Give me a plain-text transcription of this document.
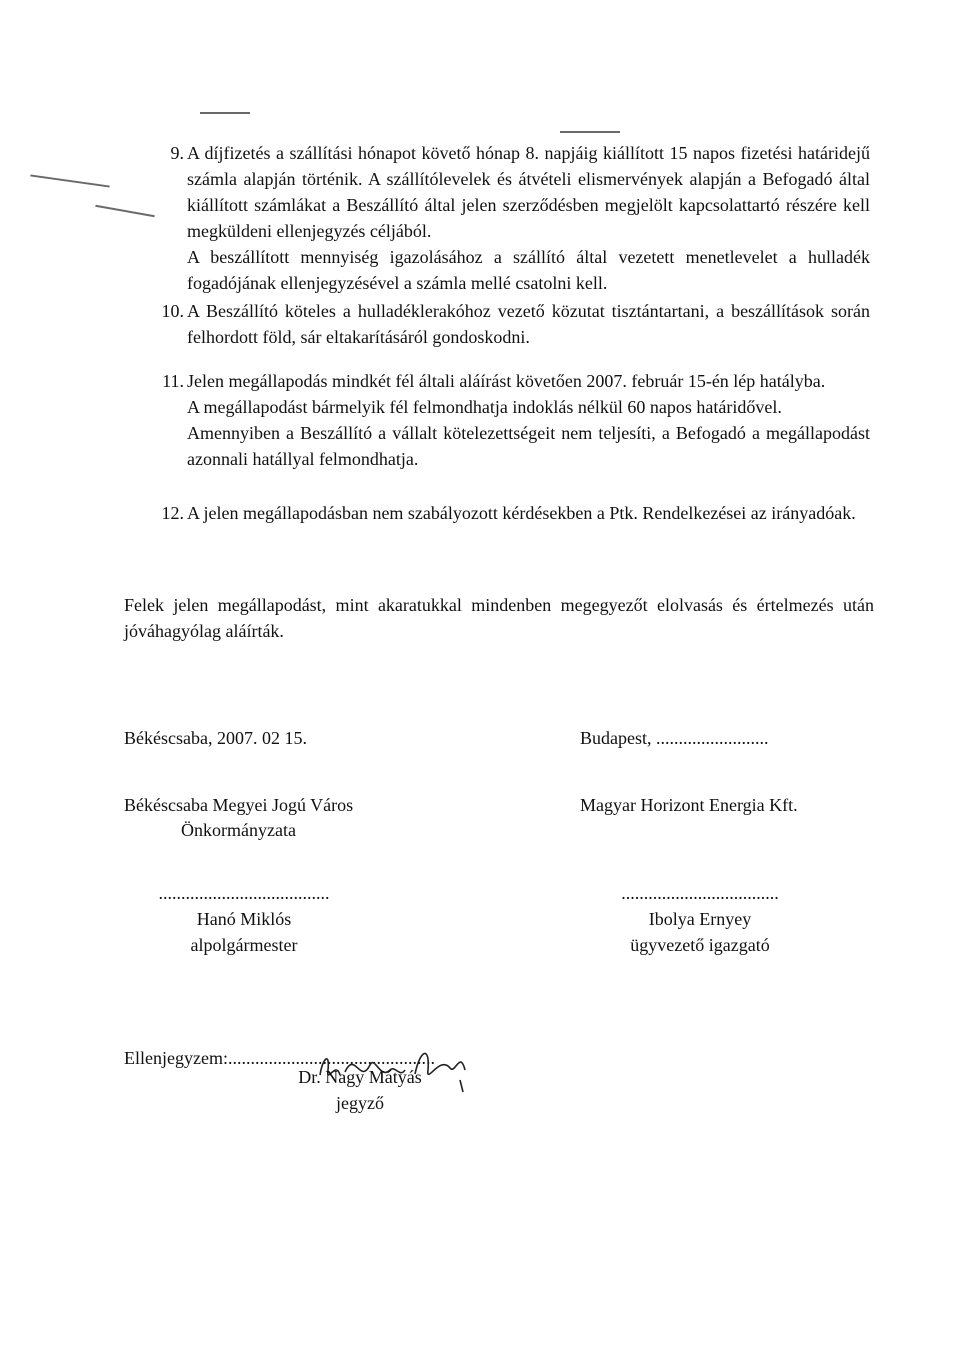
9. A díjfizetés a szállítási hónapot követő hónap 8. napjáig kiállított 15 napos fizetési határidejű számla alapján történik. A szállítólevelek és átvételi elismervények alapján a Befogadó által kiállított számlákat a Beszállító által jelen szerződésben megjelölt kapcsolattartó részére kell megküldeni ellenjegyzés céljából.

A beszállított mennyiség igazolásához a szállító által vezetett menetlevelet a hulladék fogadójának ellenjegyzésével a számla mellé csatolni kell.

10. A Beszállító köteles a hulladéklerakóhoz vezető közutat tisztántartani, a beszállítások során felhordott föld, sár eltakarításáról gondoskodni.

11. Jelen megállapodás mindkét fél általi aláírást követően 2007. február 15-én lép hatályba.

A megállapodást bármelyik fél felmondhatja indoklás nélkül 60 napos határidővel.

Amennyiben a Beszállító a vállalt kötelezettségeit nem teljesíti, a Befogadó a megállapodást azonnali hatállyal felmondhatja.

12. A jelen megállapodásban nem szabályozott kérdésekben a Ptk. Rendelkezései az irányadóak.

Felek jelen megállapodást, mint akaratukkal mindenben megegyezőt elolvasás és értelmezés után jóváhagyólag aláírták.
Békéscsaba, 2007. 02 15.	Budapest, .........................
Békéscsaba Megyei Jogú Város
Önkormányzata
Magyar Horizont Energia Kft.
......................................
Hanó Miklós
alpolgármester
...................................
Ibolya Ernyey
ügyvezető igazgató
Ellenjegyzem:..............................................
Dr. Nagy Mátyás
jegyző
